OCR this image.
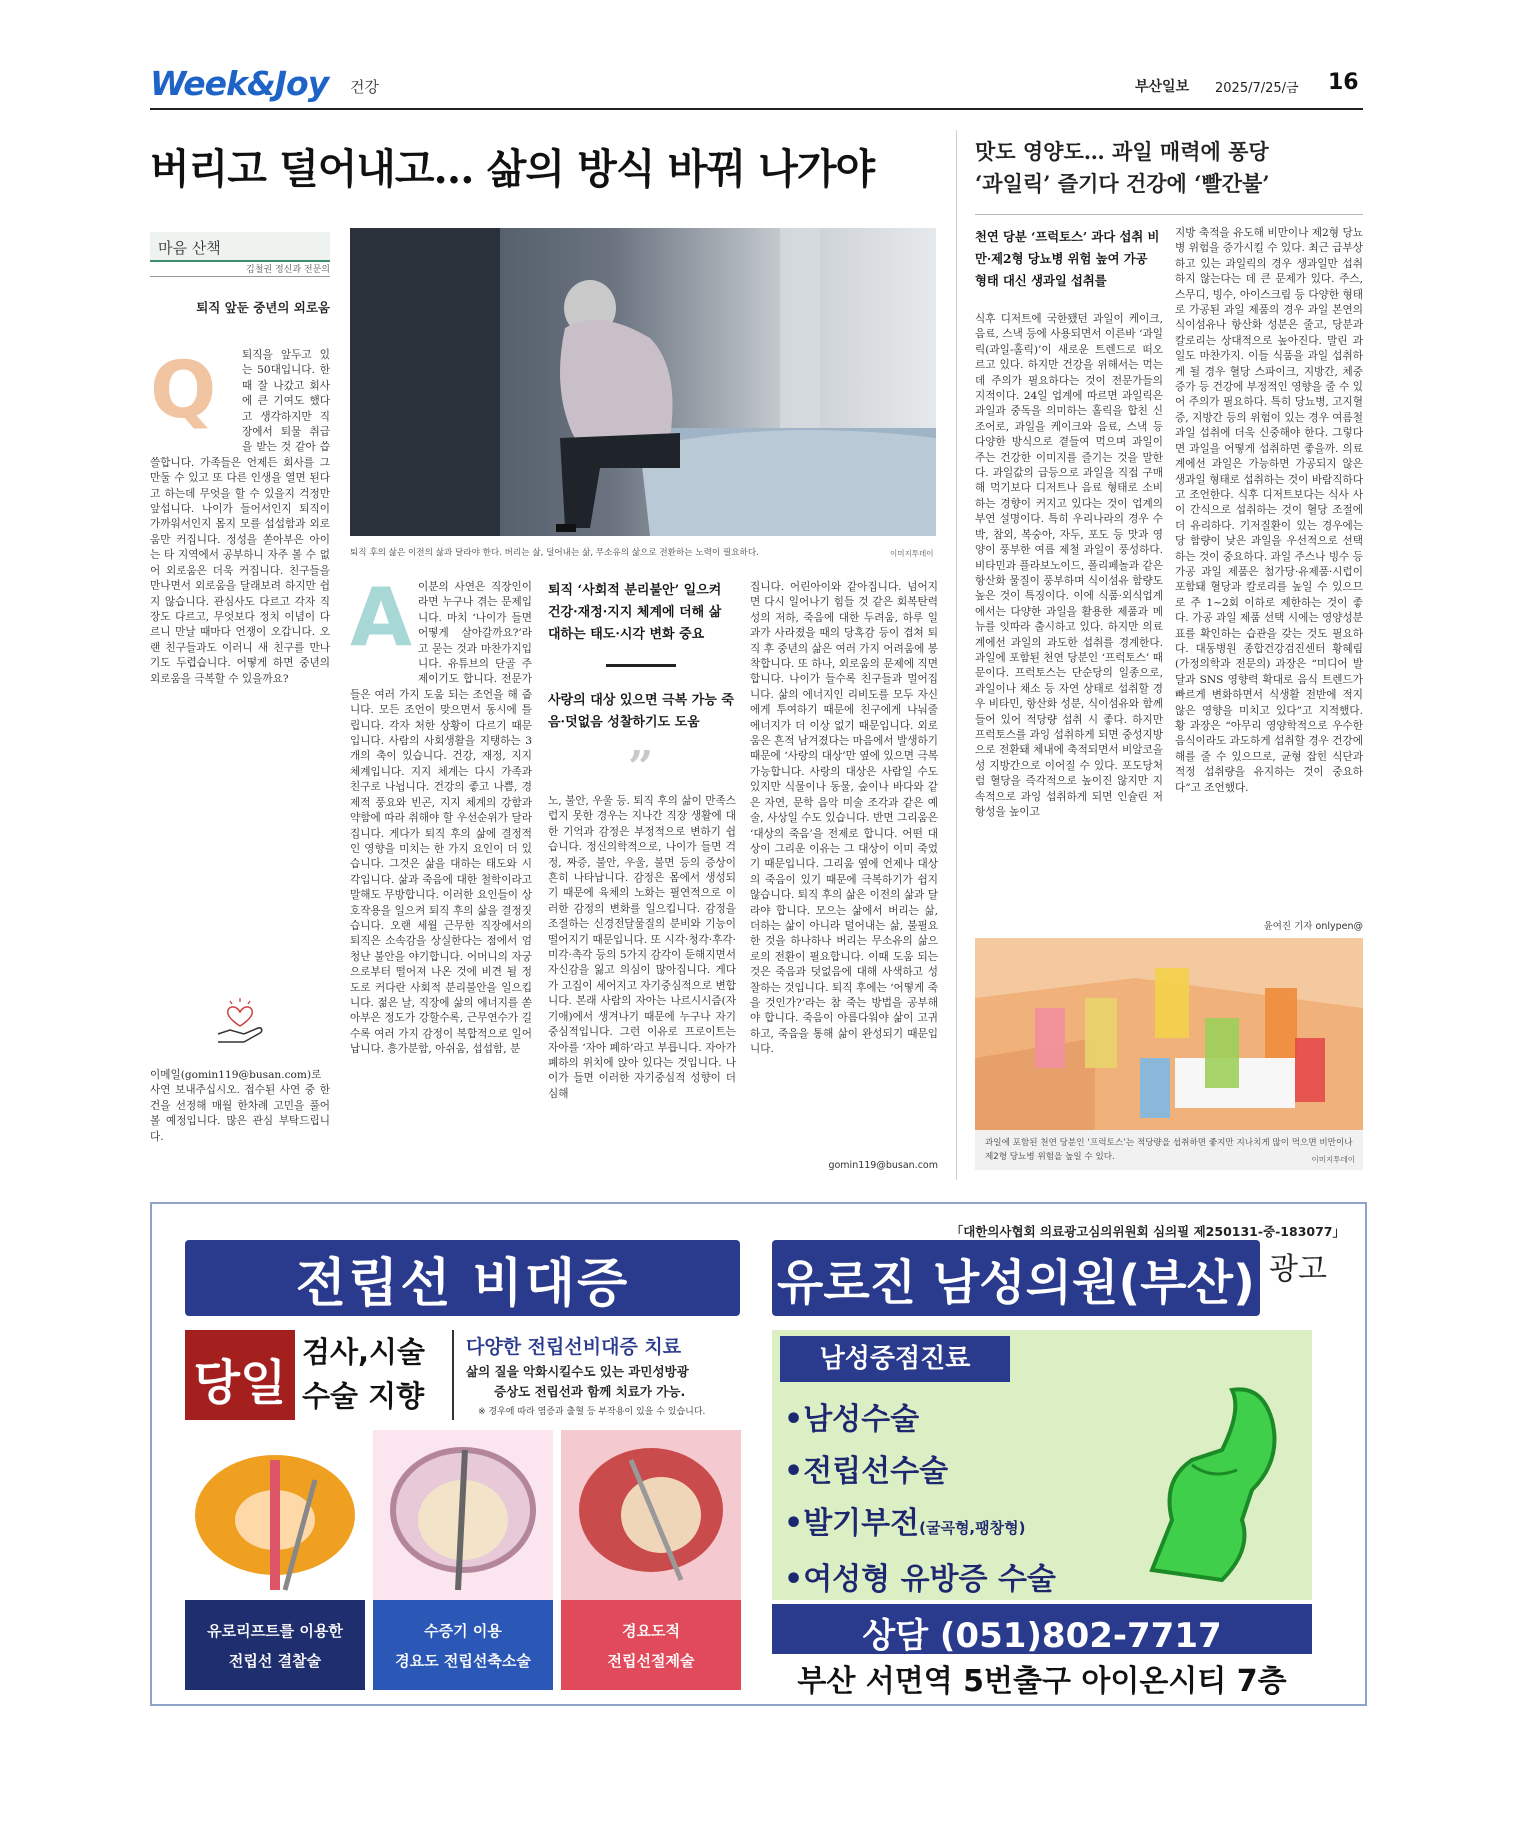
Week&Joy 건강	부산일보 2025/7/25/금 16
버리고 덜어내고… 삶의 방식 바꿔 나가야
마음 산책
김철권 정신과 전문의
퇴직 앞둔 중년의 외로움
Q	퇴직을 앞두고 있는 50대입니다. 한때 잘 나갔고 회사에 큰 기여도 했다고 생각하지만 직장에서 퇴물 취급을 받는 것 같아 씁쓸합니다. 가족들은 언제든 회사를 그만둘 수 있고 또 다른 인생을 열면 된다고 하는데 무엇을 할 수 있을지 걱정만 앞섭니다. 나이가 들어서인지 퇴직이 가까워서인지 몸지 모를 섭섭함과 외로움만 커집니다. 정성을 쏟아부은 아이는 타 지역에서 공부하니 자주 볼 수 없어 외로움은 더욱 커집니다. 친구들을 만나면서 외로움을 달래보려 하지만 쉽지 않습니다. 관심사도 다르고 각자 직장도 다르고, 무엇보다 정치 이념이 다르니 만날 때마다 언쟁이 오갑니다. 오랜 친구들과도 이러니 새 친구를 만나기도 두렵습니다. 어떻게 하면 중년의 외로움을 극복할 수 있을까요?
이메일(gomin119@busan.com)로 사연 보내주십시오. 접수된 사연 중 한 건을 선정해 매월 한차례 고민을 풀어볼 예정입니다. 많은 관심 부탁드립니다.
퇴직 후의 삶은 이전의 삶과 달라야 한다. 버리는 삶, 덜어내는 삶, 무소유의 삶으로 전환하는 노력이 필요하다.	이미지투데이
A 이분의 사연은 직장인이라면 누구나 겪는 문제입니다. 마치 ‘나이가 들면 어떻게 살아갈까요?’라고 묻는 것과 마찬가지입니다. 유튜브의 단골 주제이기도 합니다. 전문가들은 여러 가지 도움 되는 조언을 해 줍니다. 모든 조언이 맞으면서 동시에 틀립니다. 각자 처한 상황이 다르기 때문입니다. 사람의 사회생활을 지탱하는 3개의 축이 있습니다. 건강, 재정, 지지 체계입니다. 지지 체계는 다시 가족과 친구로 나뉩니다. 건강의 좋고 나쁨, 경제적 풍요와 빈곤, 지지 체계의 강함과 약함에 따라 취해야 할 우선순위가 달라집니다. 게다가 퇴직 후의 삶에 결정적인 영향을 미치는 한 가지 요인이 더 있습니다. 그것은 삶을 대하는 태도와 시각입니다. 삶과 죽음에 대한 철학이라고 말해도 무방합니다. 이러한 요인들이 상호작용을 일으켜 퇴직 후의 삶을 결정짓습니다. 오랜 세월 근무한 직장에서의 퇴직은 소속감을 상실한다는 점에서 엄청난 불안을 야기합니다. 어머니의 자궁으로부터 떨어져 나온 것에 비견 될 정도로 커다란 사회적 분리불안을 일으킵니다. 젊은 날, 직장에 삶의 에너지를 쏟아부은 정도가 강할수록, 근무연수가 길수록 여러 가지 감정이 복합적으로 일어납니다. 흥가분함, 아쉬움, 섭섭함, 분
퇴직 ‘사회적 분리불안’ 일으켜 건강·재정·지지 체계에 더해 삶 대하는 태도·시각 변화 중요
사랑의 대상 있으면 극복 가능 죽음·덧없음 성찰하기도 도움
”
노, 불안, 우울 등. 퇴직 후의 삶이 만족스럽지 못한 경우는 지나간 직장 생활에 대한 기억과 감정은 부정적으로 변하기 쉽습니다. 정신의학적으로, 나이가 들면 걱정, 짜증, 불안, 우울, 불면 등의 증상이 흔히 나타납니다. 감정은 몸에서 생성되기 때문에 육체의 노화는 필연적으로 이러한 감정의 변화를 일으킵니다. 감정을 조절하는 신경전달물질의 분비와 기능이 떨어지기 때문입니다. 또 시각·청각·후각·미각·촉각 등의 5가지 감각이 둔해지면서 자신감을 잃고 의심이 많아집니다. 게다가 고집이 세어지고 자기중심적으로 변합니다. 본래 사람의 자아는 나르시시즘(자기애)에서 생겨나기 때문에 누구나 자기중심적입니다. 그런 이유로 프로이트는 자아를 ‘자아 폐하’라고 부릅니다. 자아가 폐하의 위치에 앉아 있다는 것입니다. 나이가 들면 이러한 자기중심적 성향이 더 심해
집니다. 어린아이와 같아집니다. 넘어지면 다시 일어나기 힘들 것 같은 회복탄력성의 저하, 죽음에 대한 두려움, 하루 일과가 사라졌을 때의 당혹감 등이 겹쳐 퇴직 후 중년의 삶은 여러 가지 어려움에 봉착합니다. 또 하나, 외로움의 문제에 직면합니다. 나이가 들수록 친구들과 멀어집니다. 삶의 에너지인 리비도를 모두 자신에게 투여하기 때문에 친구에게 나눠줄 에너지가 더 이상 없기 때문입니다. 외로움은 흔적 남겨졌다는 마음에서 발생하기 때문에 ‘사랑의 대상’만 옆에 있으면 극복 가능합니다. 사랑의 대상은 사람일 수도 있지만 식물이나 동물, 숲이나 바다와 같은 자연, 문학 음악 미술 조각과 같은 예술, 사상일 수도 있습니다. 반면 그리움은 ‘대상의 죽음’을 전제로 합니다. 어떤 대상이 그리운 이유는 그 대상이 이미 죽었기 때문입니다. 그리움 옆에 언제나 대상의 죽음이 있기 때문에 극복하기가 쉽지 않습니다. 퇴직 후의 삶은 이전의 삶과 달라야 합니다. 모으는 삶에서 버리는 삶, 더하는 삶이 아니라 덜어내는 삶, 불필요한 것을 하나하나 버리는 무소유의 삶으로의 전환이 필요합니다. 이때 도움 되는 것은 죽음과 덧없음에 대해 사색하고 성찰하는 것입니다. 퇴직 후에는 ‘어떻게 죽을 것인가?’라는 참 죽는 방법을 공부해야 합니다. 죽음이 아름다워야 삶이 고귀하고, 죽음을 통해 삶이 완성되기 때문입니다.
gomin119@busan.com
맛도 영양도… 과일 매력에 퐁당
‘과일릭’ 즐기다 건강에 ‘빨간불’
천연 당분 ‘프럭토스’ 과다 섭취 비만·제2형 당뇨병 위험 높여 가공 형태 대신 생과일 섭취를
식후 디저트에 국한됐던 과일이 케이크, 음료, 스낵 등에 사용되면서 이른바 ‘과일릭(과일-홀릭)’이 새로운 트렌드로 떠오르고 있다. 하지만 건강을 위해서는 먹는 데 주의가 필요하다는 것이 전문가들의 지적이다. 24일 업계에 따르면 과일릭은 과일과 중독을 의미하는 홀릭을 합친 신조어로, 과일을 케이크와 음료, 스낵 등 다양한 방식으로 곁들여 먹으며 과일이 주는 건강한 이미지를 즐기는 것을 말한다. 과일값의 급등으로 과일을 직접 구매해 먹기보다 디저트나 음료 형태로 소비하는 경향이 커지고 있다는 것이 업계의 부연 설명이다. 특히 우리나라의 경우 수박, 참외, 복숭아, 자두, 포도 등 맛과 영양이 풍부한 여름 제철 과일이 풍성하다. 비타민과 플라보노이드, 폴리페놀과 같은 항산화 물질이 풍부하며 식이섬유 함량도 높은 것이 특징이다. 이에 식품·외식업계에서는 다양한 과일을 활용한 제품과 메뉴를 잇따라 출시하고 있다. 하지만 의료계에선 과일의 과도한 섭취를 경계한다. 과일에 포함된 천연 당분인 ‘프럭토스’ 때문이다. 프럭토스는 단순당의 일종으로, 과일이나 채소 등 자연 상태로 섭취할 경우 비타민, 항산화 성분, 식이섬유와 함께 들어 있어 적당량 섭취 시 좋다. 하지만 프럭토스를 과잉 섭취하게 되면 중성지방으로 전환돼 체내에 축적되면서 비알코올성 지방간으로 이어질 수 있다. 포도당처럼 혈당을 즉각적으로 높이진 않지만 지속적으로 과잉 섭취하게 되면 인슐린 저항성을 높이고
지방 축적을 유도해 비만이나 제2형 당뇨병 위험을 증가시킬 수 있다. 최근 급부상하고 있는 과일릭의 경우 생과일만 섭취하지 않는다는 데 큰 문제가 있다. 주스, 스무디, 빙수, 아이스크림 등 다양한 형태로 가공된 과일 제품의 경우 과일 본연의 식이섬유나 항산화 성분은 줄고, 당분과 칼로리는 상대적으로 높아진다. 말린 과일도 마찬가지. 이들 식품을 과일 섭취하게 될 경우 혈당 스파이크, 지방간, 체중 증가 등 건강에 부정적인 영향을 줄 수 있어 주의가 필요하다. 특히 당뇨병, 고지혈증, 지방간 등의 위험이 있는 경우 여름철 과일 섭취에 더욱 신중해야 한다. 그렇다면 과일을 어떻게 섭취하면 좋을까. 의료계에선 과일은 가능하면 가공되지 않은 생과일 형태로 섭취하는 것이 바람직하다고 조언한다. 식후 디저트보다는 식사 사이 간식으로 섭취하는 것이 혈당 조절에 더 유리하다. 기저질환이 있는 경우에는 당 함량이 낮은 과일을 우선적으로 선택하는 것이 중요하다. 과일 주스나 빙수 등 가공 과일 제품은 첨가당·유제품·시럽이 포함돼 혈당과 칼로리를 높일 수 있으므로 주 1~2회 이하로 제한하는 것이 좋다. 가공 과일 제품 선택 시에는 영양성분표를 확인하는 습관을 갖는 것도 필요하다. 대동병원 종합건강검진센터 황혜림(가정의학과 전문의) 과장은 “미디어 발달과 SNS 영향력 확대로 음식 트렌드가 빠르게 변화하면서 식생활 전반에 적지 않은 영향을 미치고 있다”고 지적했다. 황 과장은 “아무리 영양학적으로 우수한 음식이라도 과도하게 섭취할 경우 건강에 해를 줄 수 있으므로, 균형 잡힌 식단과 적정 섭취량을 유지하는 것이 중요하다”고 조언했다.
윤여진 기자 onlypen@
과일에 포함된 천연 당분인 ‘프럭토스’는 적당량을 섭취하면 좋지만 지나치게 많이 먹으면 비만이나 제2형 당뇨병 위험을 높일 수 있다.	이미지투데이
「대한의사협회 의료광고심의위원회 심의필 제250131-중-183077」
전립선 비대증	유로진 남성의원(부산) 광고
당일
검사,시술
수술 지향
다양한 전립선비대증 치료
삶의 질을 악화시킬수도 있는 과민성방광
증상도 전립선과 함께 치료가 가능.
※ 경우에 따라 염증과 출혈 등 부작용이 있을 수 있습니다.
유로리프트를 이용한
전립선 결찰술
수증기 이용
경요도 전립선축소술
경요도적
전립선절제술
남성중점진료
•남성수술
•전립선수술
•발기부전(굴곡형,팽창형)
•여성형 유방증 수술
상담 (051)802-7717
부산 서면역 5번출구 아이온시티 7층
